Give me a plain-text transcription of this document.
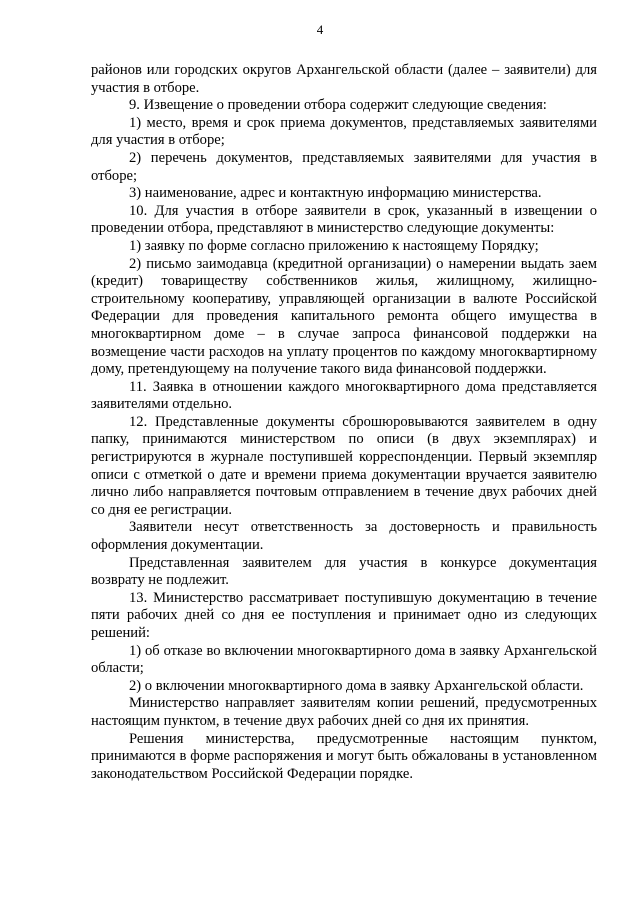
4

районов или городских округов Архангельской области (далее – заявители) для участия в отборе.

9. Извещение о проведении отбора содержит следующие сведения:

1) место, время и срок приема документов, представляемых заявителями для участия в отборе;

2) перечень документов, представляемых заявителями для участия в отборе;

3) наименование, адрес и контактную информацию министерства.

10. Для участия в отборе заявители в срок, указанный в извещении о проведении отбора, представляют в министерство следующие документы:

1) заявку по форме согласно приложению к настоящему Порядку;

2) письмо заимодавца (кредитной организации) о намерении выдать заем (кредит) товариществу собственников жилья, жилищному, жилищно-строительному кооперативу, управляющей организации в валюте Российской Федерации для проведения капитального ремонта общего имущества в многоквартирном доме – в случае запроса финансовой поддержки на возмещение части расходов на уплату процентов по каждому многоквартирному дому, претендующему на получение такого вида финансовой поддержки.

11. Заявка в отношении каждого многоквартирного дома представляется заявителями отдельно.

12. Представленные документы сброшюровываются заявителем в одну папку, принимаются министерством по описи (в двух экземплярах) и регистрируются в журнале поступившей корреспонденции. Первый экземпляр описи с отметкой о дате и времени приема документации вручается заявителю лично либо направляется почтовым отправлением в течение двух рабочих дней со дня ее регистрации.

Заявители несут ответственность за достоверность и правильность оформления документации.

Представленная заявителем для участия в конкурсе документация возврату не подлежит.

13. Министерство рассматривает поступившую документацию в течение пяти рабочих дней со дня ее поступления и принимает одно из следующих решений:

1) об отказе во включении многоквартирного дома в заявку Архангельской области;

2) о включении многоквартирного дома в заявку Архангельской области.

Министерство направляет заявителям копии решений, предусмотренных настоящим пунктом, в течение двух рабочих дней со дня их принятия.

Решения министерства, предусмотренные настоящим пунктом, принимаются в форме распоряжения и могут быть обжалованы в установленном законодательством Российской Федерации порядке.
